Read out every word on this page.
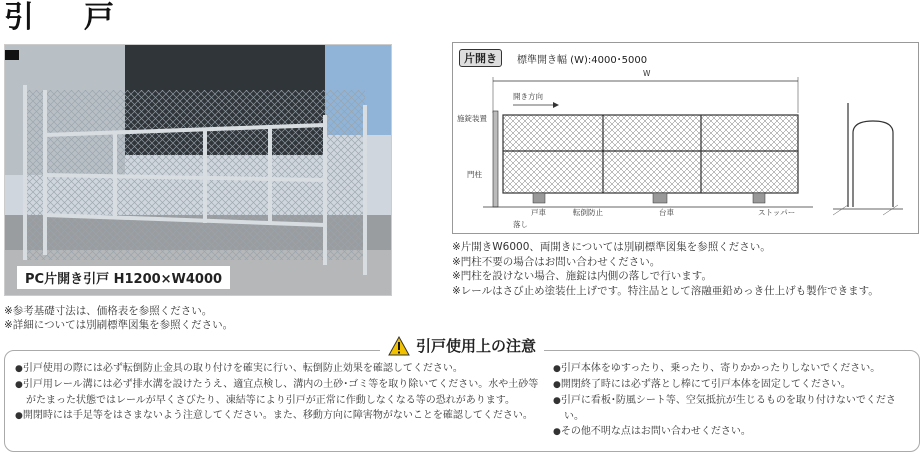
引　戸
PC片開き引戸 H1200×W4000
※参考基礎寸法は、価格表を参照ください。
※詳細については別刷標準図集を参照ください。
片開き	標準開き幅 (W):4000･5000
W
開き方向
施錠装置
門柱
戸車	転倒防止	台車	ストッパー
落し
※片開きW6000、両開きについては別刷標準図集を参照ください。
※門柱不要の場合はお問い合わせください。
※門柱を設けない場合、施錠は内側の落しで行います。
※レールはさび止め塗装仕上げです。特注品として溶融亜鉛めっき仕上げも製作できます。
●引戸使用の際には必ず転倒防止金具の取り付けを確実に行い、転倒防止効果を確認してください。
●引戸用レール溝には必ず排水溝を設けたうえ、適宜点検し、溝内の土砂･ゴミ等を取り除いてください。水や土砂等がたまった状態ではレールが早くさびたり、凍結等により引戸が正常に作動しなくなる等の恐れがあります。
●開閉時には手足等をはさまないよう注意してください。また、移動方向に障害物がないことを確認してください。
●引戸本体をゆすったり、乗ったり、寄りかかったりしないでください。
●開閉終了時には必ず落とし棒にて引戸本体を固定してください。
●引戸に看板･防風シート等、空気抵抗が生じるものを取り付けないでください。
●その他不明な点はお問い合わせください。
引戸使用上の注意
